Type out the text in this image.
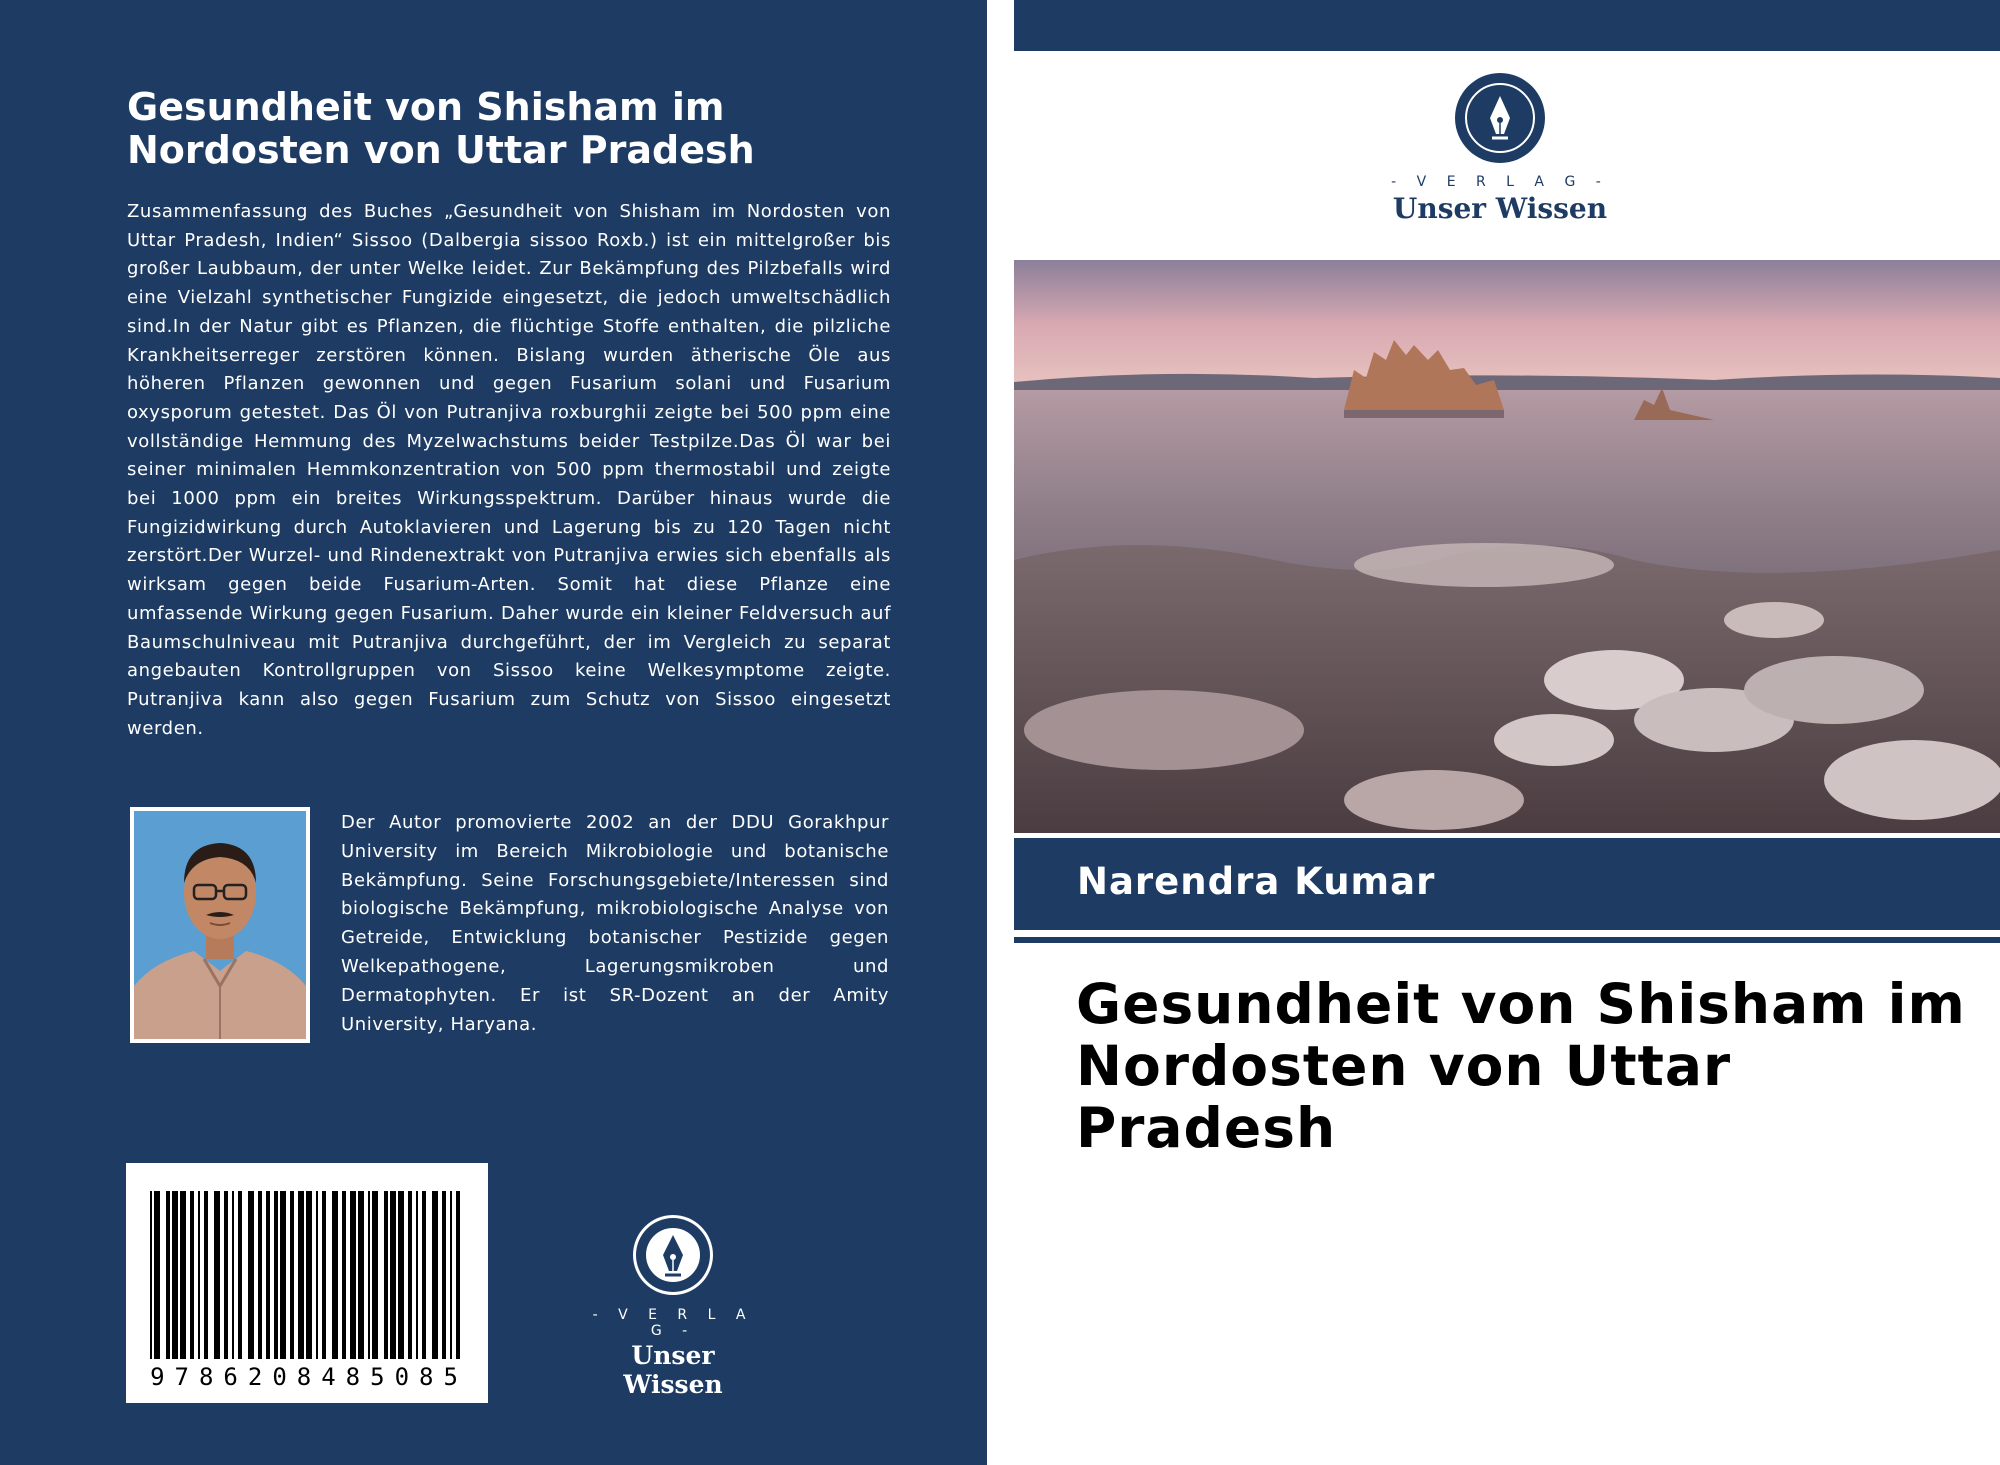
Gesundheit von Shisham im Nordosten von Uttar Pradesh

Zusammenfassung des Buches „Gesundheit von Shisham im Nordosten von Uttar Pradesh, Indien“ Sissoo (Dalbergia sissoo Roxb.) ist ein mittelgroßer bis großer Laubbaum, der unter Welke leidet. Zur Bekämpfung des Pilzbefalls wird eine Vielzahl synthetischer Fungizide eingesetzt, die jedoch umweltschädlich sind.In der Natur gibt es Pflanzen, die flüchtige Stoffe enthalten, die pilzliche Krankheitserreger zerstören können. Bislang wurden ätherische Öle aus höheren Pflanzen gewonnen und gegen Fusarium solani und Fusarium oxysporum getestet. Das Öl von Putranjiva roxburghii zeigte bei 500 ppm eine vollständige Hemmung des Myzelwachstums beider Testpilze.Das Öl war bei seiner minimalen Hemmkonzentration von 500 ppm thermostabil und zeigte bei 1000 ppm ein breites Wirkungsspektrum. Darüber hinaus wurde die Fungizidwirkung durch Autoklavieren und Lagerung bis zu 120 Tagen nicht zerstört.Der Wurzel- und Rindenextrakt von Putranjiva erwies sich ebenfalls als wirksam gegen beide Fusarium-Arten. Somit hat diese Pflanze eine umfassende Wirkung gegen Fusarium. Daher wurde ein kleiner Feldversuch auf Baumschulniveau mit Putranjiva durchgeführt, der im Vergleich zu separat angebauten Kontrollgruppen von Sissoo keine Welkesymptome zeigte. Putranjiva kann also gegen Fusarium zum Schutz von Sissoo eingesetzt werden.

Der Autor promovierte 2002 an der DDU Gorakhpur University im Bereich Mikrobiologie und botanische Bekämpfung. Seine Forschungsgebiete/Interessen sind biologische Bekämpfung, mikrobiologische Analyse von Getreide, Entwicklung botanischer Pestizide gegen Welkepathogene, Lagerungsmikroben und Dermatophyten. Er ist SR-Dozent an der Amity University, Haryana.

9786208485085
- V E R L A G -
Unser Wissen
- V E R L A G -
Unser Wissen
Narendra Kumar
Gesundheit von Shisham im Nordosten von Uttar Pradesh
